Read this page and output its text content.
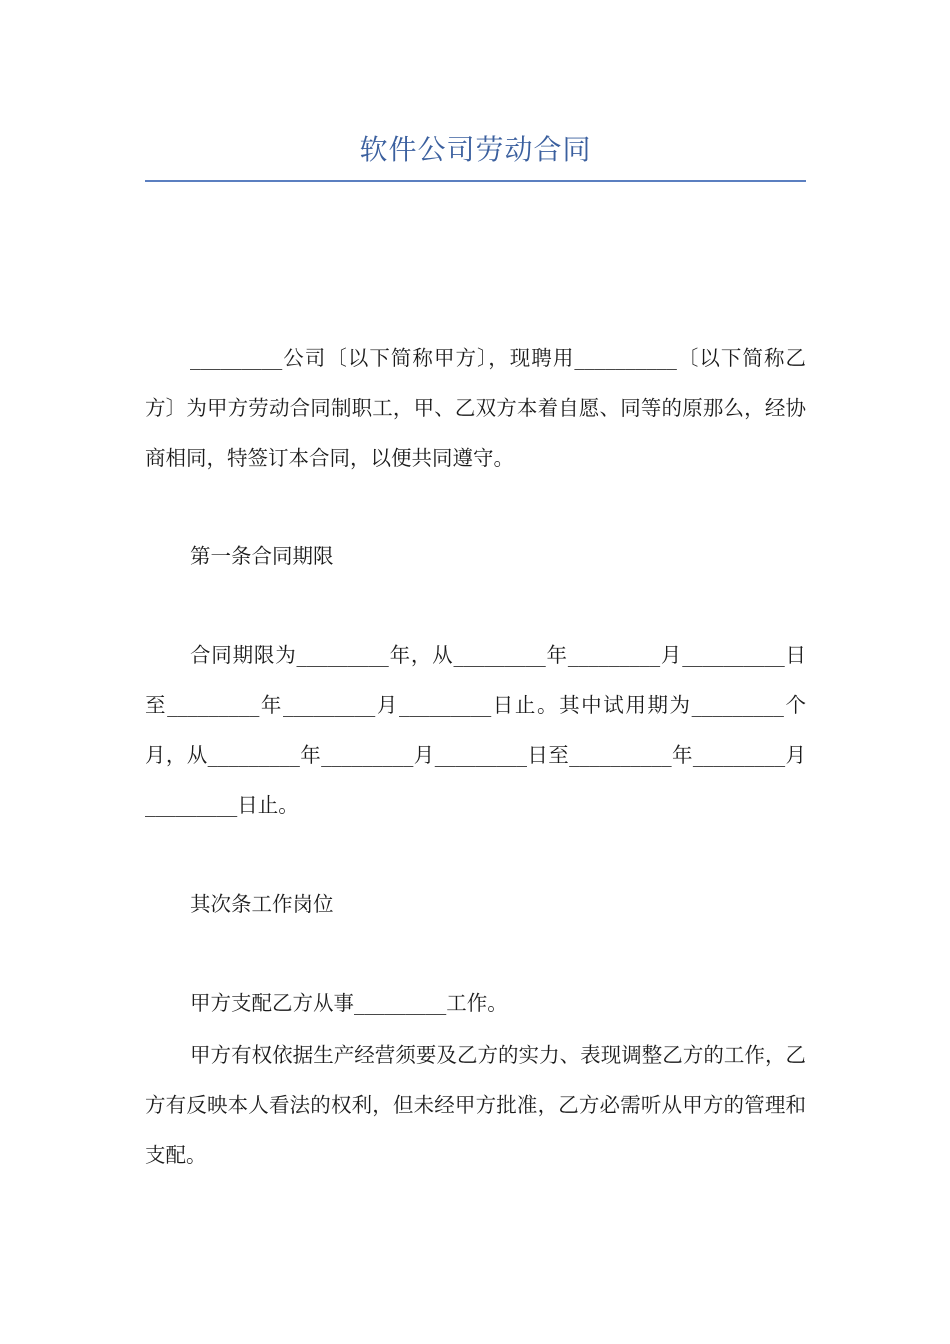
软件公司劳动合同

_________公司〔以下简称甲方〕，现聘用__________〔以下简称乙方〕为甲方劳动合同制职工，甲、乙双方本着自愿、同等的原那么，经协商相同，特签订本合同，以便共同遵守。

第一条合同期限

合同期限为_________年，从_________年_________月__________日至_________年_________月_________日止。其中试用期为_________个月，从_________年_________月_________日至__________年_________月_________日止。

其次条工作岗位

甲方支配乙方从事_________工作。

甲方有权依据生产经营须要及乙方的实力、表现调整乙方的工作，乙方有反映本人看法的权利，但未经甲方批准，乙方必需听从甲方的管理和支配。
